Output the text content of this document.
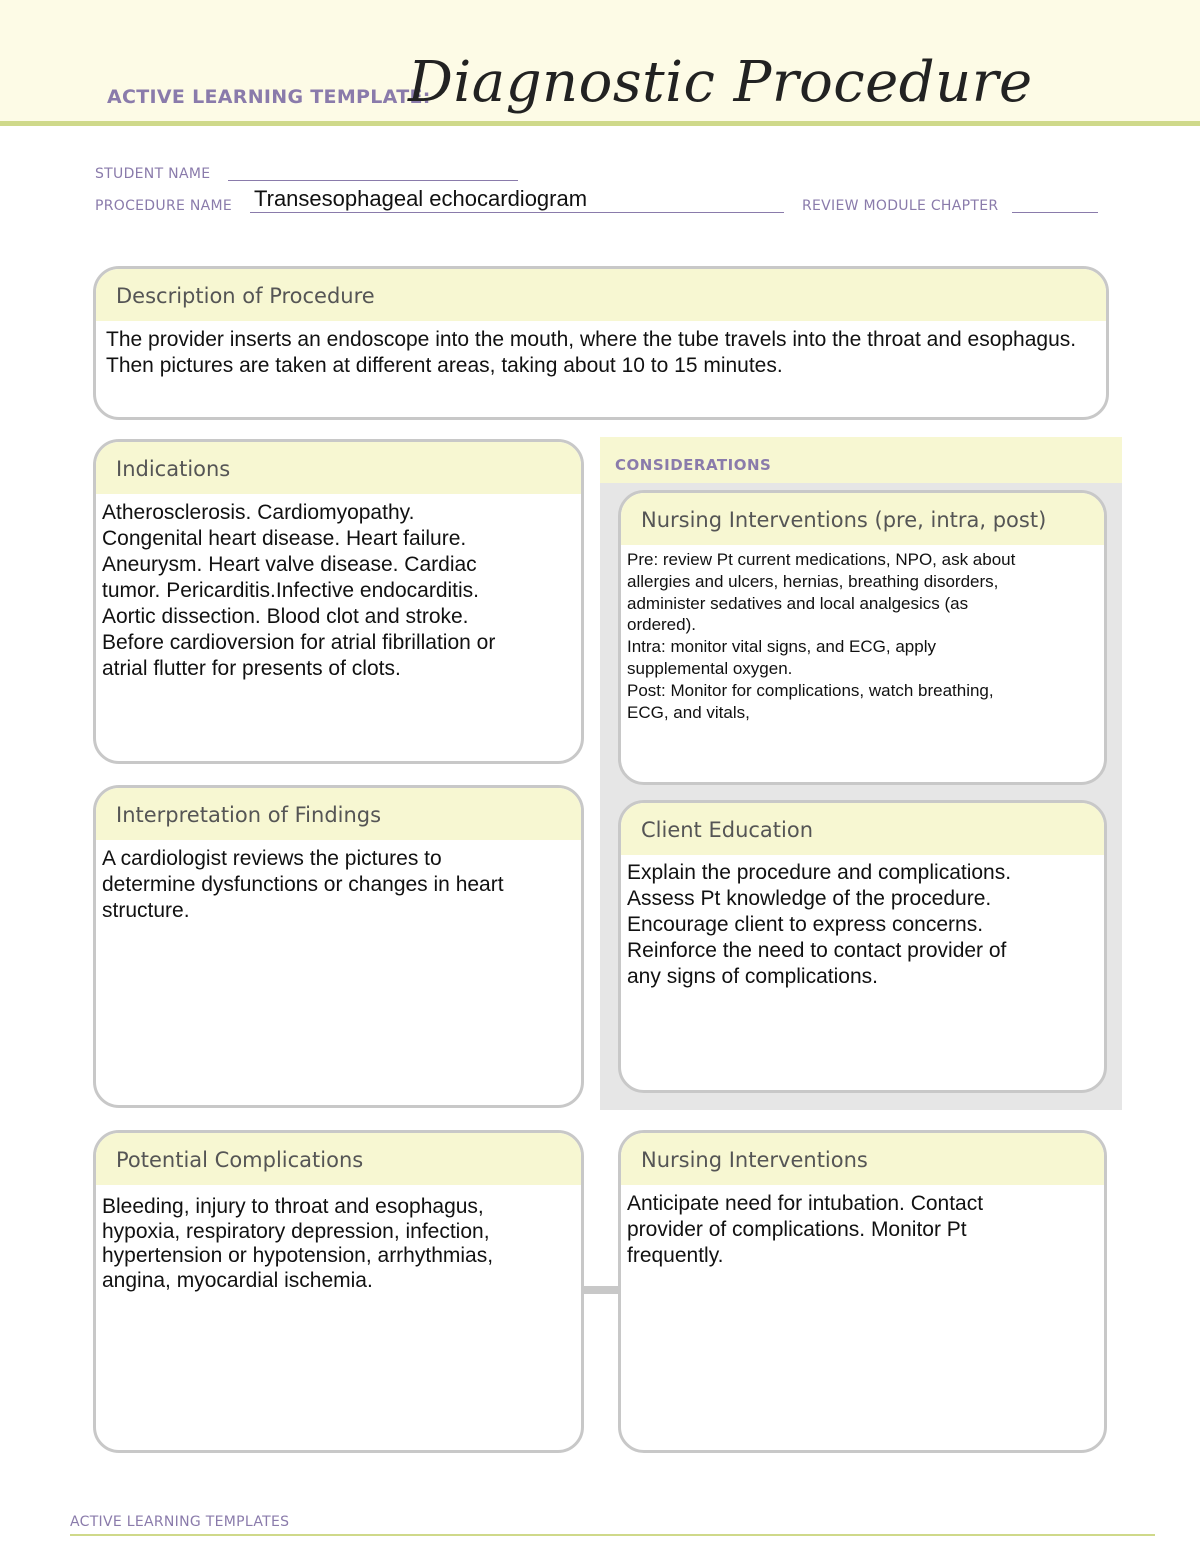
ACTIVE LEARNING TEMPLATE:
Diagnostic Procedure
STUDENT NAME
PROCEDURE NAME Transesophageal echocardiogram	REVIEW MODULE CHAPTER
Description of Procedure
The provider inserts an endoscope into the mouth, where the tube travels into the throat and esophagus. Then pictures are taken at different areas, taking about 10 to 15 minutes.
Indications
Atherosclerosis. Cardiomyopathy.
Congenital heart disease. Heart failure.
Aneurysm. Heart valve disease. Cardiac
tumor. Pericarditis.Infective endocarditis.
Aortic dissection. Blood clot and stroke.
Before cardioversion for atrial fibrillation or
atrial flutter for presents of clots.
Interpretation of Findings
A cardiologist reviews the pictures to
determine dysfunctions or changes in heart
structure.
CONSIDERATIONS
Nursing Interventions (pre, intra, post)
Pre: review Pt current medications, NPO, ask about
allergies and ulcers, hernias, breathing disorders,
administer sedatives and local analgesics (as
ordered).
Intra: monitor vital signs, and ECG, apply
supplemental oxygen.
Post: Monitor for complications, watch breathing,
ECG, and vitals,
Client Education
Explain the procedure and complications.
Assess Pt knowledge of the procedure.
Encourage client to express concerns.
Reinforce the need to contact provider of
any signs of complications.
Potential Complications
Bleeding, injury to throat and esophagus,
hypoxia, respiratory depression, infection,
hypertension or hypotension, arrhythmias,
angina, myocardial ischemia.
Nursing Interventions
Anticipate need for intubation. Contact
provider of complications. Monitor Pt
frequently.
ACTIVE LEARNING TEMPLATES
